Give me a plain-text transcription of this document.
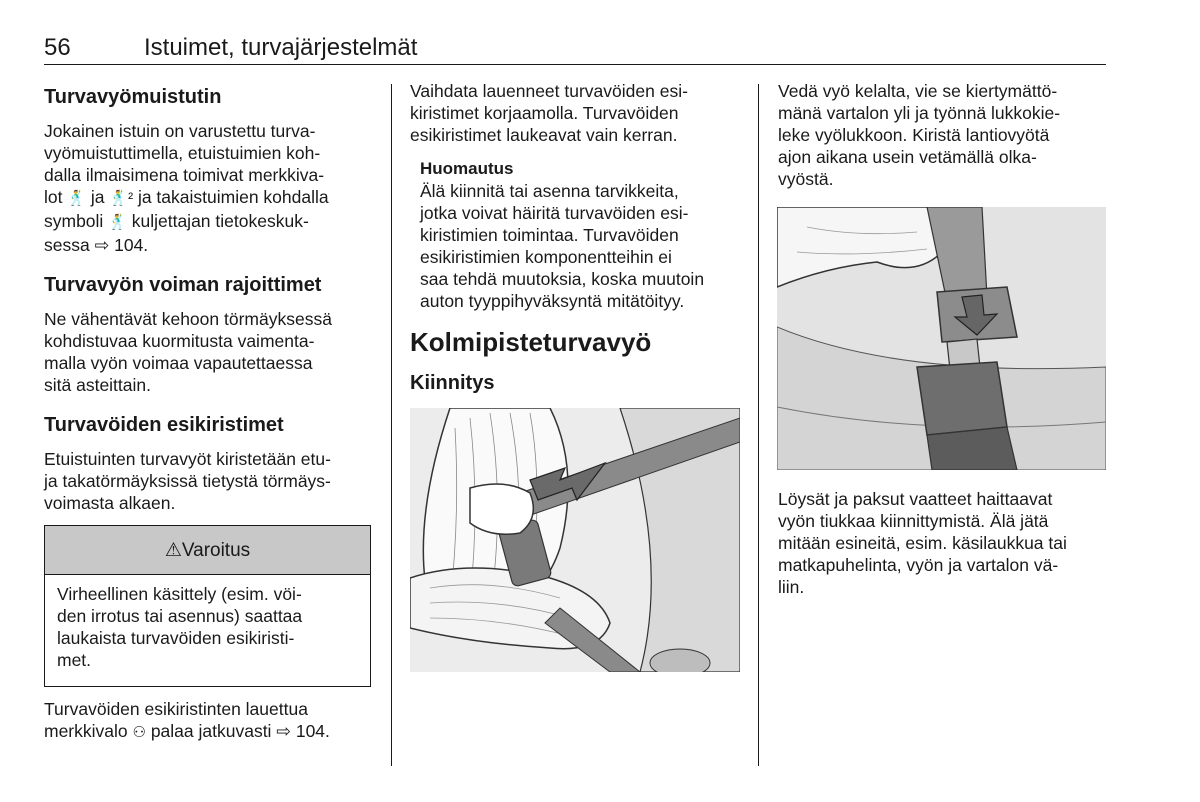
56	Istuimet, turvajärjestelmät
Turvavyömuistutin

Jokainen istuin on varustettu turva-

vyömuistuttimella, etuistuimien koh-

dalla ilmaisimena toimivat merkkiva-

lot 🕺 ja 🕺² ja takaistuimien kohdalla

symboli 🕺 kuljettajan tietokeskuk-

sessa ⇨ 104.

Turvavyön voiman rajoittimet

Ne vähentävät kehoon törmäyksessä

kohdistuvaa kuormitusta vaimenta-

malla vyön voimaa vapautettaessa

sitä asteittain.

Turvavöiden esikiristimet

Etuistuinten turvavyöt kiristetään etu-

ja takatörmäyksissä tietystä törmäys-

voimasta alkaen.

⚠Varoitus

Virheellinen käsittely (esim. vöi-

den irrotus tai asennus) saattaa

laukaista turvavöiden esikiristi-

met.

Turvavöiden esikiristinten lauettua

merkkivalo ⚇ palaa jatkuvasti ⇨ 104.

Vaihdata lauenneet turvavöiden esi-

kiristimet korjaamolla. Turvavöiden

esikiristimet laukeavat vain kerran.

Huomautus

Älä kiinnitä tai asenna tarvikkeita,

jotka voivat häiritä turvavöiden esi-

kiristimien toimintaa. Turvavöiden

esikiristimien komponentteihin ei

saa tehdä muutoksia, koska muutoin

auton tyyppihyväksyntä mitätöityy.

Kolmipisteturvavyö
Kiinnitys

Vedä vyö kelalta, vie se kiertymättö-

mänä vartalon yli ja työnnä lukkokie-

leke vyölukkoon. Kiristä lantiovyötä

ajon aikana usein vetämällä olka-

vyöstä.

Löysät ja paksut vaatteet haittaavat

vyön tiukkaa kiinnittymistä. Älä jätä

mitään esineitä, esim. käsilaukkua tai

matkapuhelinta, vyön ja vartalon vä-

liin.
